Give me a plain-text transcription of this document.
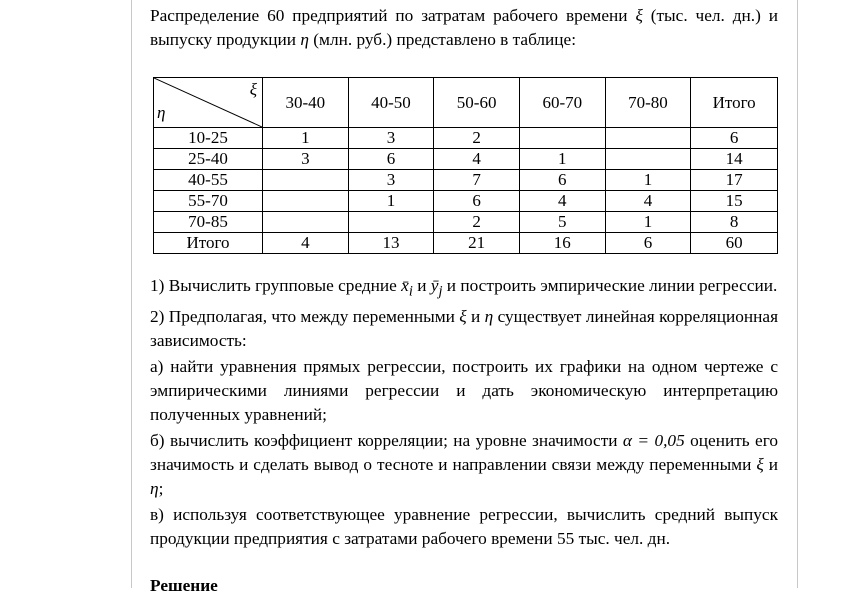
Распределение 60 предприятий по затратам рабочего времени ξ (тыс. чел. дн.) и выпуску продукции η (млн. руб.) представлено в таблице:

ξ
η	30-40	40-50	50-60	60-70	70-80	Итого
10-25	1	3	2			6
25-40	3	6	4	1		14
40-55		3	7	6	1	17
55-70		1	6	4	4	15
70-85			2	5	1	8
Итого	4	13	21	16	6	60

1) Вычислить групповые средние $x̄_i$ и $ȳ_j$ и построить эмпирические линии регрессии.

2) Предполагая, что между переменными ξ и η существует линейная корреляционная зависимость:

а) найти уравнения прямых регрессии, построить их графики на одном чертеже с эмпирическими линиями регрессии и дать экономическую интерпретацию полученных уравнений;

б) вычислить коэффициент корреляции; на уровне значимости α = 0,05 оценить его значимость и сделать вывод о тесноте и направлении связи между переменными ξ и η;

в) используя соответствующее уравнение регрессии, вычислить средний выпуск продукции предприятия с затратами рабочего времени 55 тыс. чел. дн.

Решение
